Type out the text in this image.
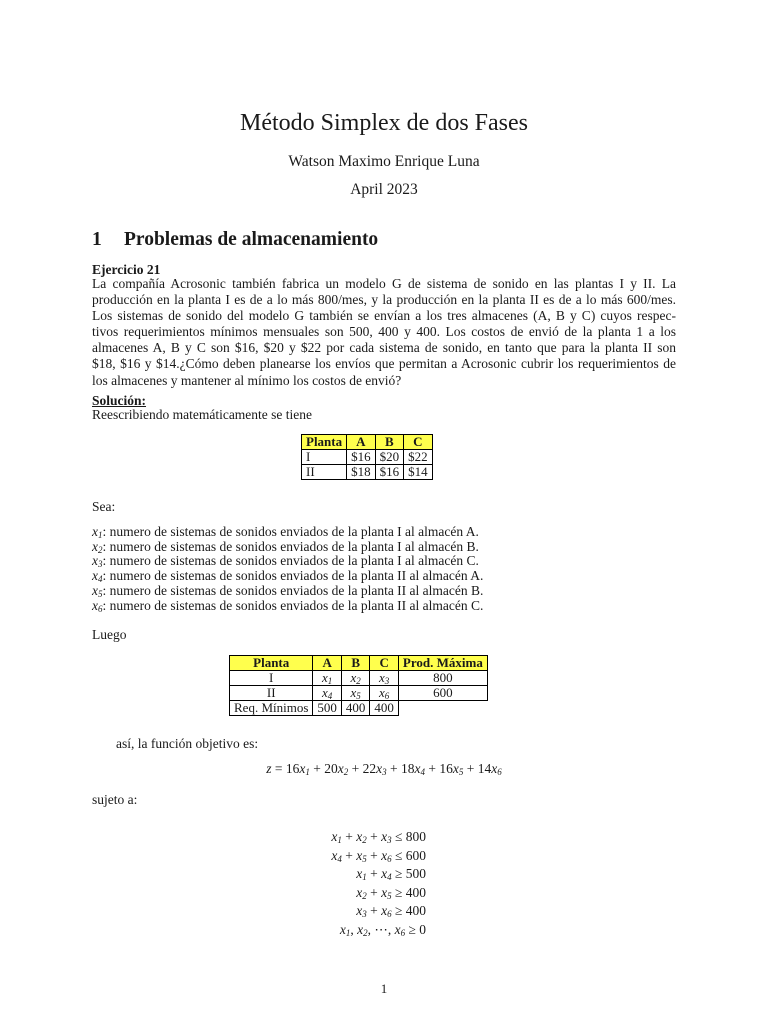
Método Simplex de dos Fases
Watson Maximo Enrique Luna
April 2023
1 Problemas de almacenamiento
Ejercicio 21
La compañía Acrosonic también fabrica un modelo G de sistema de sonido en las plantas I y II. La
producción en la planta I es de a lo más 800/mes, y la producción en la planta II es de a lo más 600/mes.
Los sistemas de sonido del modelo G también se envían a los tres almacenes (A, B y C) cuyos respec-
tivos requerimientos mínimos mensuales son 500, 400 y 400. Los costos de envió de la planta 1 a los
almacenes A, B y C son $16, $20 y $22 por cada sistema de sonido, en tanto que para la planta II son
$18, $16 y $14.¿Cómo deben planearse los envíos que permitan a Acrosonic cubrir los requerimientos de
los almacenes y mantener al mínimo los costos de envió?
Solución:
Reescribiendo matemáticamente se tiene
Planta	A	B	C
I	$16	$20	$22
II	$18	$16	$14
Sea:
$x_1$: numero de sistemas de sonidos enviados de la planta I al almacén A.
$x_2$: numero de sistemas de sonidos enviados de la planta I al almacén B.
$x_3$: numero de sistemas de sonidos enviados de la planta I al almacén C.
$x_4$: numero de sistemas de sonidos enviados de la planta II al almacén A.
$x_5$: numero de sistemas de sonidos enviados de la planta II al almacén B.
$x_6$: numero de sistemas de sonidos enviados de la planta II al almacén C.
Luego
Planta	A	B	C	Prod. Máxima
I	$x_1$	$x_2$	$x_3$	800
II	$x_4$	$x_5$	$x_6$	600
Req. Mínimos	500	400	400	
así, la función objetivo es:
$z = 16x_1 + 20x_2 + 22x_3 + 18x_4 + 16x_5 + 14x_6$
sujeto a:
$x_1 + x_2 + x_3 \le 800$
$x_4 + x_5 + x_6 \le 600$
$x_1 + x_4 \ge 500$
$x_2 + x_5 \ge 400$
$x_3 + x_6 \ge 400$
$x_1$, $x_2$, ⋯, $x_6 \ge 0$
1
